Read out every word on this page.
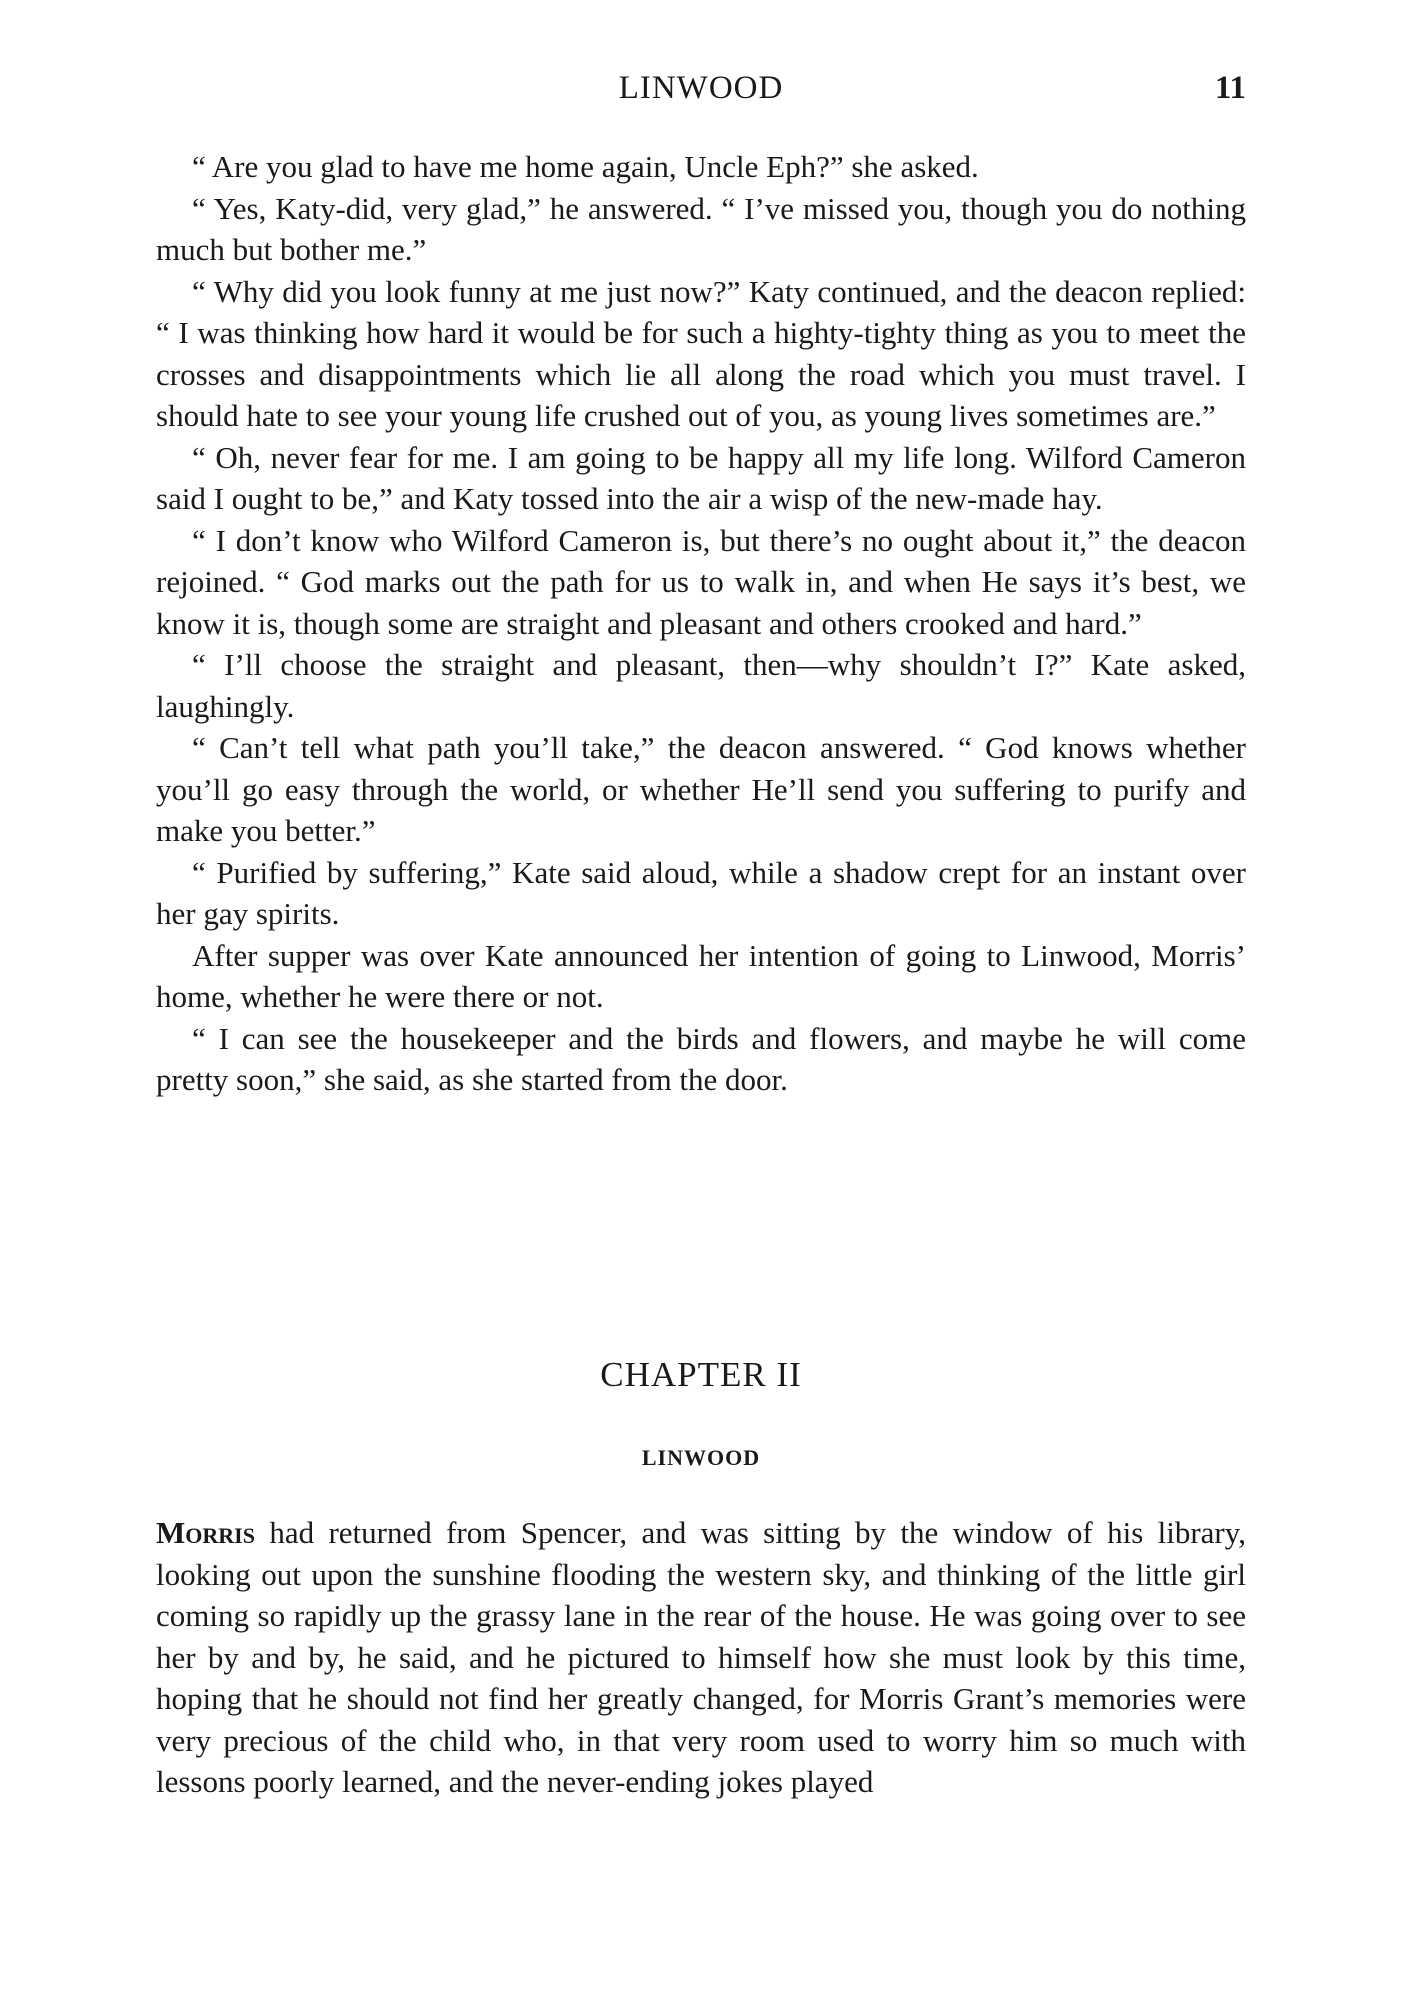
LINWOOD	11

“ Are you glad to have me home again, Uncle Eph?” she asked.

“ Yes, Katy-did, very glad,” he answered. “ I’ve missed you, though you do nothing much but bother me.”

“ Why did you look funny at me just now?” Katy continued, and the deacon replied: “ I was thinking how hard it would be for such a highty-tighty thing as you to meet the crosses and disappointments which lie all along the road which you must travel. I should hate to see your young life crushed out of you, as young lives sometimes are.”

“ Oh, never fear for me. I am going to be happy all my life long. Wilford Cameron said I ought to be,” and Katy tossed into the air a wisp of the new-made hay.

“ I don’t know who Wilford Cameron is, but there’s no ought about it,” the deacon rejoined. “ God marks out the path for us to walk in, and when He says it’s best, we know it is, though some are straight and pleasant and others crooked and hard.”

“ I’ll choose the straight and pleasant, then—why shouldn’t I?” Kate asked, laughingly.

“ Can’t tell what path you’ll take,” the deacon answered. “ God knows whether you’ll go easy through the world, or whether He’ll send you suffering to purify and make you better.”

“ Purified by suffering,” Kate said aloud, while a shadow crept for an instant over her gay spirits.

After supper was over Kate announced her intention of going to Linwood, Morris’ home, whether he were there or not.

“ I can see the housekeeper and the birds and flowers, and maybe he will come pretty soon,” she said, as she started from the door.

CHAPTER II
LINWOOD

Morris had returned from Spencer, and was sitting by the window of his library, looking out upon the sunshine flooding the western sky, and thinking of the little girl coming so rapidly up the grassy lane in the rear of the house. He was going over to see her by and by, he said, and he pictured to himself how she must look by this time, hoping that he should not find her greatly changed, for Morris Grant’s memories were very precious of the child who, in that very room used to worry him so much with lessons poorly learned, and the never-ending jokes played
